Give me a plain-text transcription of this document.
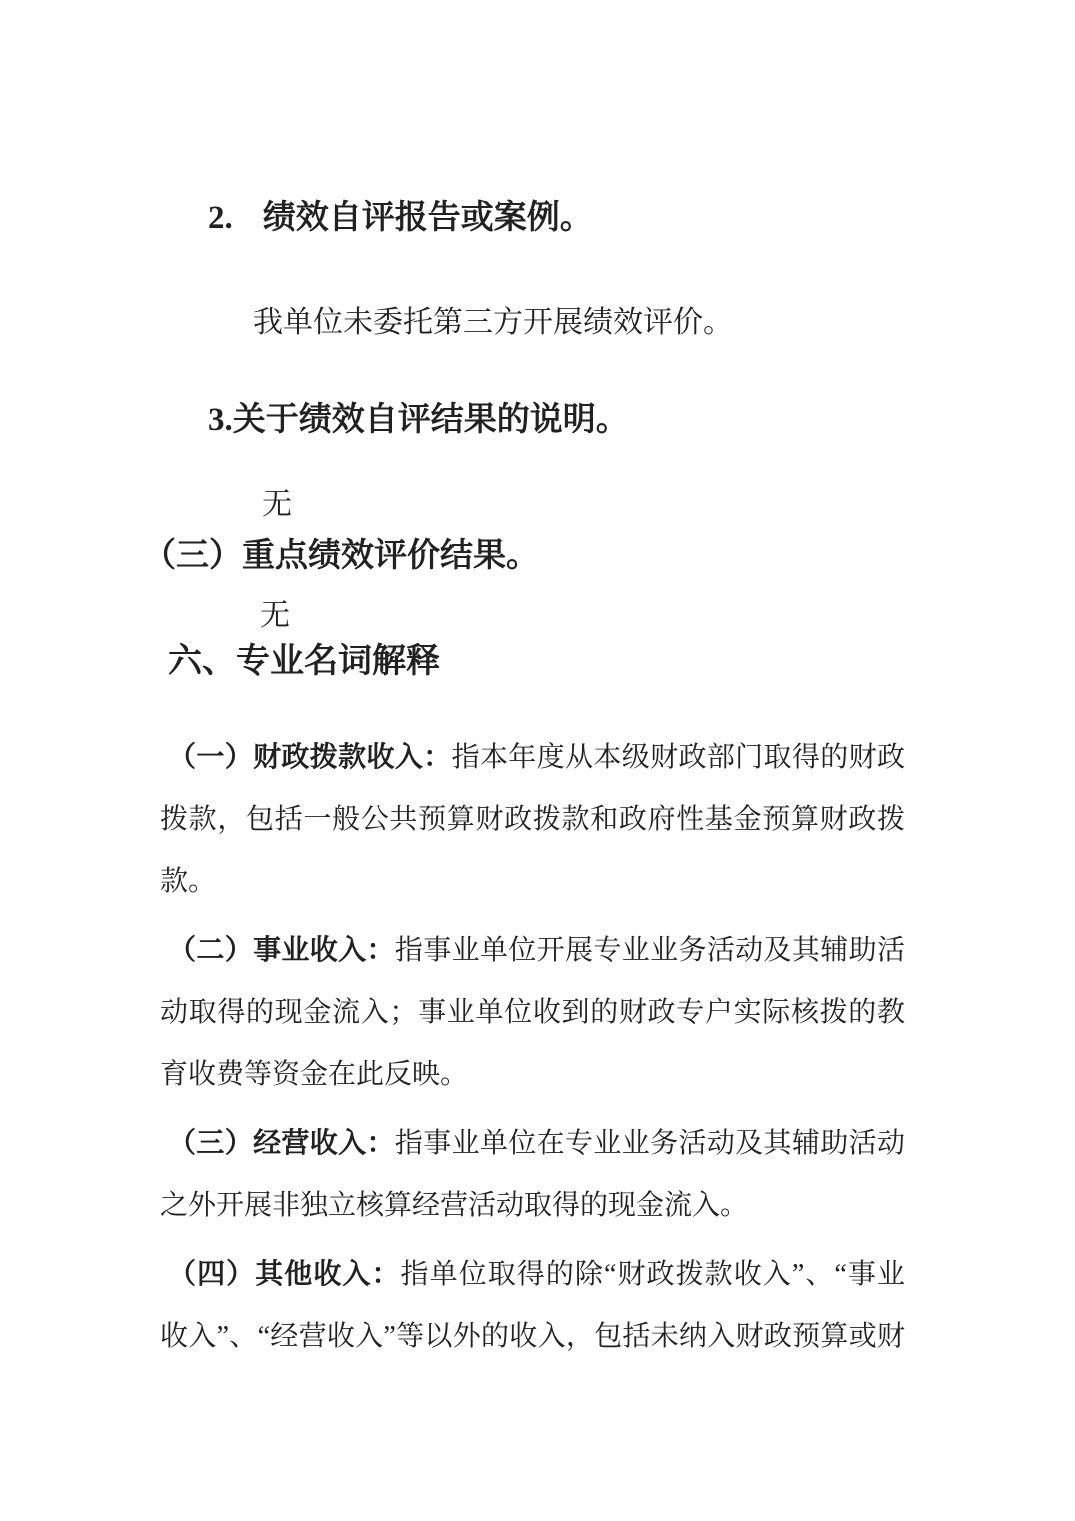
2. 绩效自评报告或案例。

我单位未委托第三方开展绩效评价。

3.关于绩效自评结果的说明。

无

（三）重点绩效评价结果。

无

六、专业名词解释

（一）财政拨款收入：指本年度从本级财政部门取得的财政拨款，包括一般公共预算财政拨款和政府性基金预算财政拨款。

（二）事业收入：指事业单位开展专业业务活动及其辅助活动取得的现金流入；事业单位收到的财政专户实际核拨的教育收费等资金在此反映。

（三）经营收入：指事业单位在专业业务活动及其辅助活动之外开展非独立核算经营活动取得的现金流入。

（四）其他收入：指单位取得的除“财政拨款收入”、“事业收入”、“经营收入”等以外的收入，包括未纳入财政预算或财
